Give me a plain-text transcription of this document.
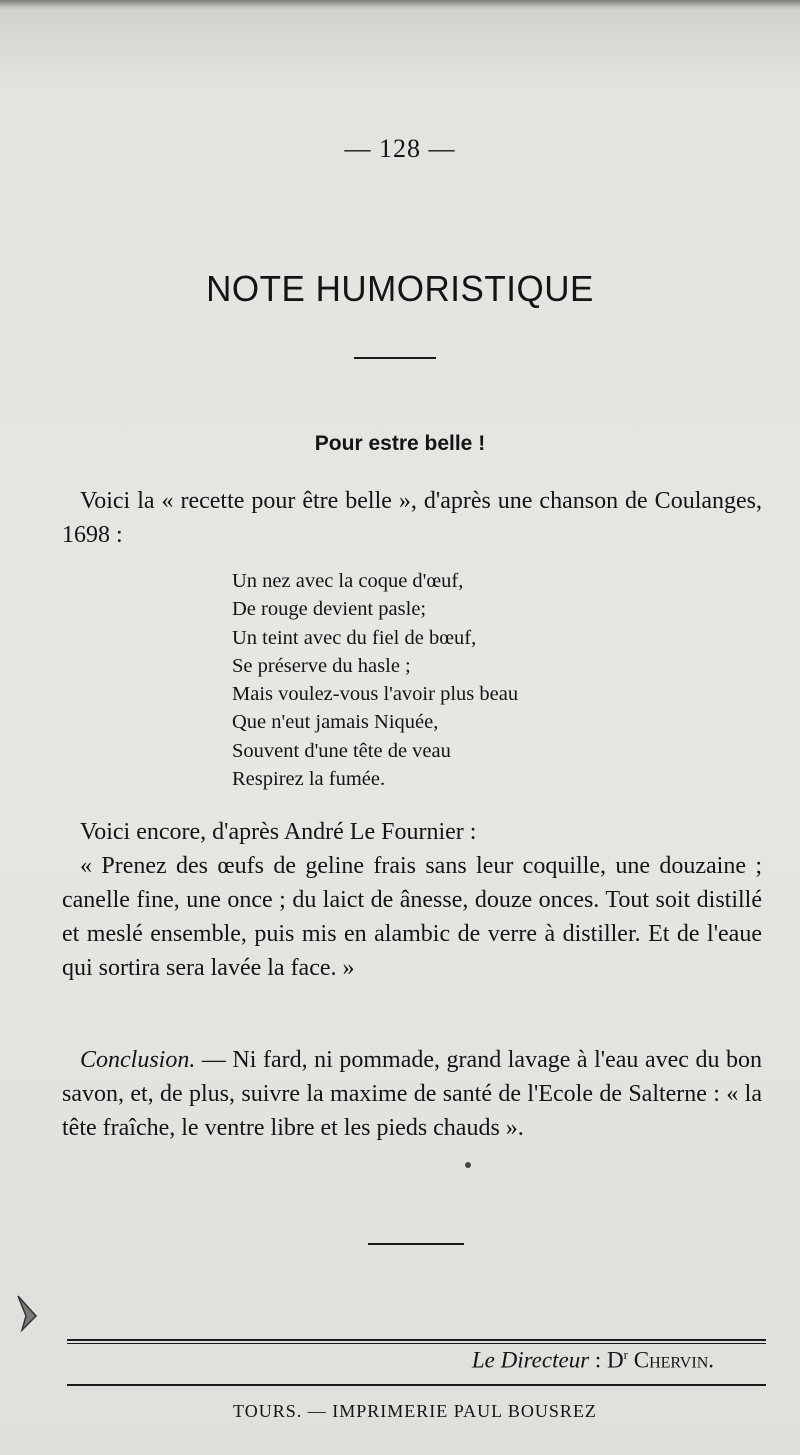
— 128 —
NOTE HUMORISTIQUE
Pour estre belle !

Voici la « recette pour être belle », d'après une chanson de Coulanges, 1698 :

Un nez avec la coque d'œuf,
De rouge devient pasle;
Un teint avec du fiel de bœuf,
Se préserve du hasle ;
Mais voulez-vous l'avoir plus beau
Que n'eut jamais Niquée,
Souvent d'une tête de veau
Respirez la fumée.

Voici encore, d'après André Le Fournier :

« Prenez des œufs de geline frais sans leur coquille, une douzaine ; canelle fine, une once ; du laict de ânesse, douze onces. Tout soit distillé et meslé ensemble, puis mis en alambic de verre à distiller. Et de l'eaue qui sortira sera lavée la face. »

Conclusion. — Ni fard, ni pommade, grand lavage à l'eau avec du bon savon, et, de plus, suivre la maxime de santé de l'Ecole de Salterne : « la tête fraîche, le ventre libre et les pieds chauds ».

Le Directeur : $D^r$ Chervin.
TOURS. — IMPRIMERIE PAUL BOUSREZ
